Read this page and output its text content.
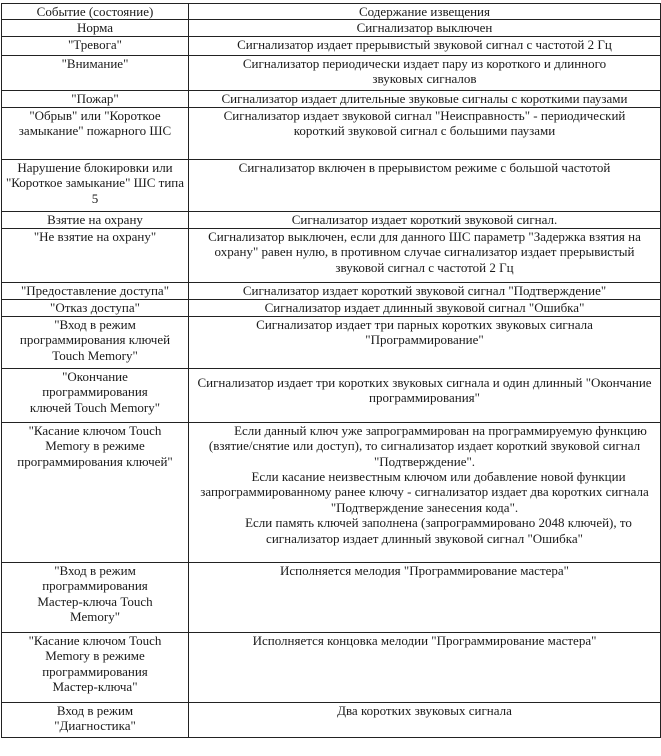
Событие (состояние)	Содержание извещения
Норма	Сигнализатор выключен
"Тревога"	Сигнализатор издает прерывистый звуковой сигнал с частотой 2 Гц
"Внимание"	Сигнализатор периодически издает пару из короткого и длинного звуковых сигналов
"Пожар"	Сигнализатор издает длительные звуковые сигналы с короткими паузами
"Обрыв" или "Короткое замыкание" пожарного ШС	Сигнализатор издает звуковой сигнал "Неисправность" - периодический короткий звуковой сигнал с большими паузами
Нарушение блокировки или "Короткое замыкание" ШС типа 5	Сигнализатор включен в прерывистом режиме с большой частотой
Взятие на охрану	Сигнализатор издает короткий звуковой сигнал.
"Не взятие на охрану"	Сигнализатор выключен, если для данного ШС параметр "Задержка взятия на охрану" равен нулю, в противном случае сигнализатор издает прерывистый звуковой сигнал с частотой 2 Гц
"Предоставление доступа"	Сигнализатор издает короткий звуковой сигнал "Подтверждение"
"Отказ доступа"	Сигнализатор издает длинный звуковой сигнал "Ошибка"
"Вход в режим программирования ключей Touch Memory"	Сигнализатор издает три парных коротких звуковых сигнала "Программирование"
"Окончание программирования ключей Touch Memory"	Сигнализатор издает три коротких звуковых сигнала и один длинный "Окончание программирования"
"Касание ключом Touch Memory в режиме программирования ключей"	Если данный ключ уже запрограммирован на программируемую функцию (взятие/снятие или доступ), то сигнализатор издает короткий звуковой сигнал "Подтверждение".
Если касание неизвестным ключом или добавление новой функции запрограммированному ранее ключу - сигнализатор издает два коротких сигнала "Подтверждение занесения кода".
Если память ключей заполнена (запрограммировано 2048 ключей), то сигнализатор издает длинный звуковой сигнал "Ошибка"

"Вход в режим программирования Мастер-ключа Touch Memory"	Исполняется мелодия "Программирование мастера"
"Касание ключом Touch Memory в режиме программирования Мастер-ключа"	Исполняется концовка мелодии "Программирование мастера"
Вход в режим "Диагностика"	Два коротких звуковых сигнала
